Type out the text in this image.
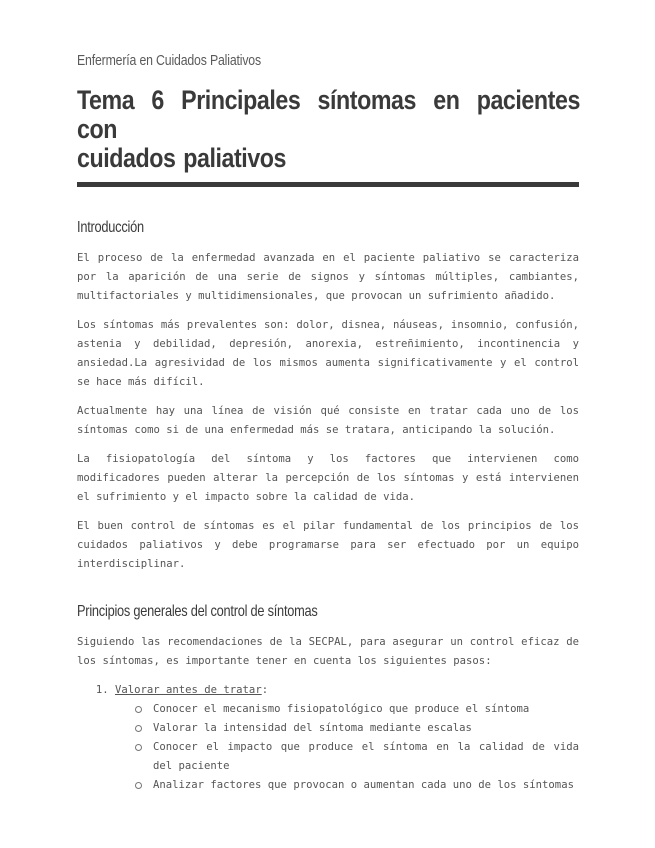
Enfermería en Cuidados Paliativos
Tema 6 Principales síntomas en pacientes con
cuidados paliativos
Introducción

El proceso de la enfermedad avanzada en el paciente paliativo se caracteriza por la aparición de una serie de signos y síntomas múltiples, cambiantes, multifactoriales y multidimensionales, que provocan un sufrimiento añadido.

Los síntomas más prevalentes son: dolor, disnea, náuseas, insomnio, confusión, astenia y debilidad, depresión, anorexia, estreñimiento, incontinencia y ansiedad.La agresividad de los mismos aumenta significativamente y el control se hace más difícil.

Actualmente hay una línea de visión qué consiste en tratar cada uno de los síntomas como si de una enfermedad más se tratara, anticipando la solución.

La fisiopatología del síntoma y los factores que intervienen como modificadores pueden alterar la percepción de los síntomas y está intervienen el sufrimiento y el impacto sobre la calidad de vida.

El buen control de síntomas es el pilar fundamental de los principios de los cuidados paliativos y debe programarse para ser efectuado por un equipo interdisciplinar.

Principios generales del control de síntomas

Siguiendo las recomendaciones de la SECPAL, para asegurar un control eficaz de los síntomas, es importante tener en cuenta los siguientes pasos:

1. Valorar antes de tratar:
Conocer el mecanismo fisiopatológico que produce el síntoma
Valorar la intensidad del síntoma mediante escalas
Conocer el impacto que produce el síntoma en la calidad de vida del paciente
Analizar factores que provocan o aumentan cada uno de los síntomas
